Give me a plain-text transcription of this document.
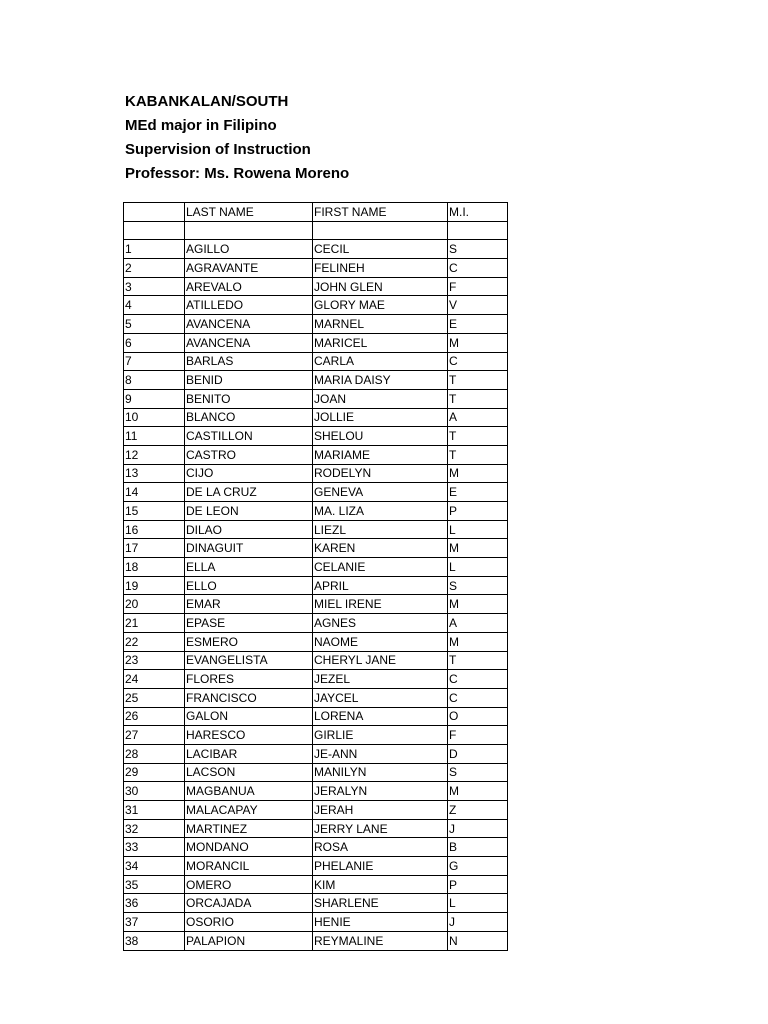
KABANKALAN/SOUTH
MEd major in Filipino
Supervision of Instruction
Professor: Ms. Rowena Moreno
	LAST NAME	FIRST NAME	M.I.

1	AGILLO	CECIL	S
2	AGRAVANTE	FELINEH	C
3	AREVALO	JOHN GLEN	F
4	ATILLEDO	GLORY MAE	V
5	AVANCENA	MARNEL	E
6	AVANCENA	MARICEL	M
7	BARLAS	CARLA	C
8	BENID	MARIA DAISY	T
9	BENITO	JOAN	T
10	BLANCO	JOLLIE	A
11	CASTILLON	SHELOU	T
12	CASTRO	MARIAME	T
13	CIJO	RODELYN	M
14	DE LA CRUZ	GENEVA	E
15	DE LEON	MA. LIZA	P
16	DILAO	LIEZL	L
17	DINAGUIT	KAREN	M
18	ELLA	CELANIE	L
19	ELLO	APRIL	S
20	EMAR	MIEL IRENE	M
21	EPASE	AGNES	A
22	ESMERO	NAOME	M
23	EVANGELISTA	CHERYL JANE	T
24	FLORES	JEZEL	C
25	FRANCISCO	JAYCEL	C
26	GALON	LORENA	O
27	HARESCO	GIRLIE	F
28	LACIBAR	JE-ANN	D
29	LACSON	MANILYN	S
30	MAGBANUA	JERALYN	M
31	MALACAPAY	JERAH	Z
32	MARTINEZ	JERRY LANE	J
33	MONDANO	ROSA	B
34	MORANCIL	PHELANIE	G
35	OMERO	KIM	P
36	ORCAJADA	SHARLENE	L
37	OSORIO	HENIE	J
38	PALAPION	REYMALINE	N
